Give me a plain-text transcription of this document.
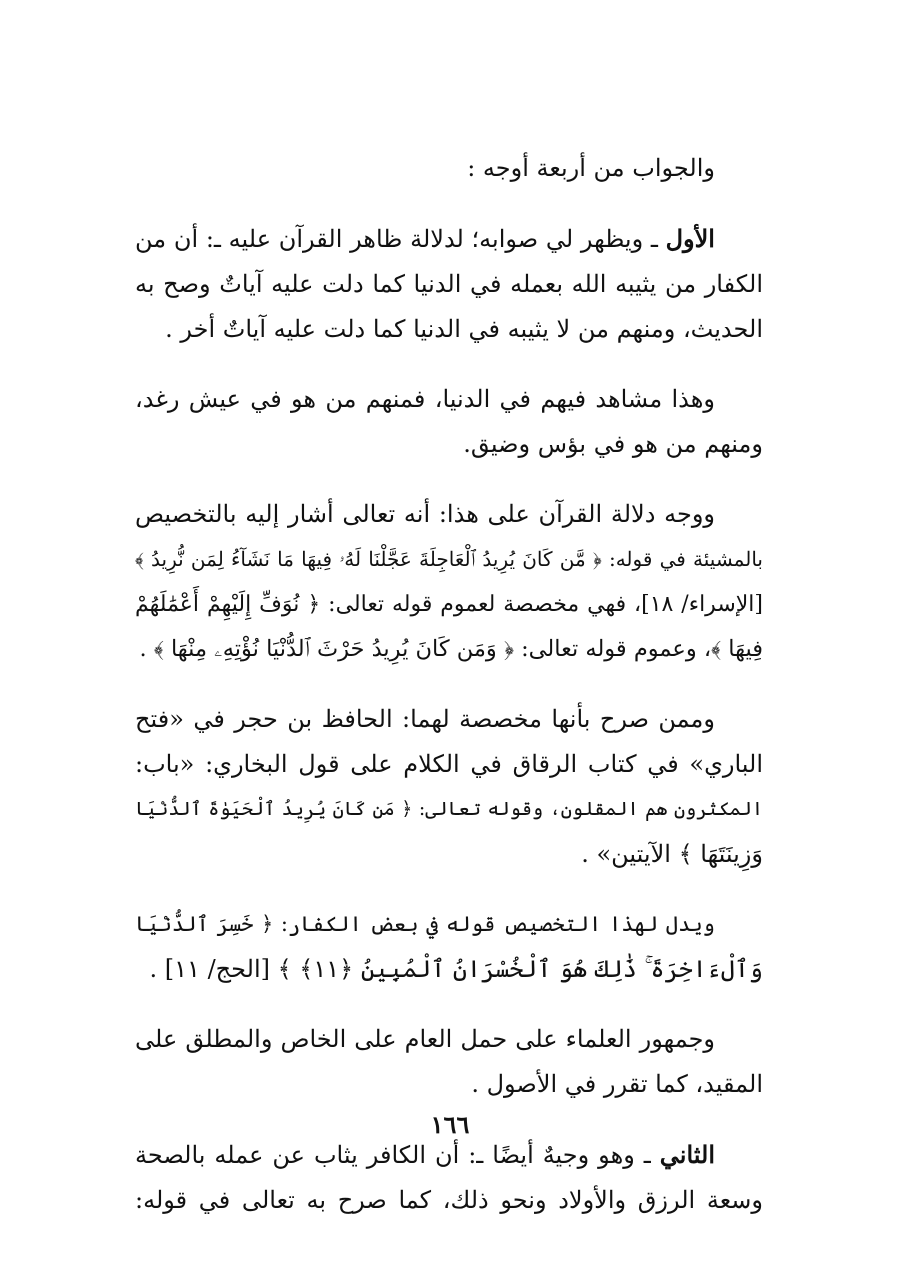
والجواب من أربعة أوجه :
الأول ـ ويظهر لي صوابه؛ لدلالة ظاهر القرآن عليه ـ: أن من
الكفار من يثيبه الله بعمله في الدنيا كما دلت عليه آياتٌ وصح به
الحديث، ومنهم من لا يثيبه في الدنيا كما دلت عليه آياتٌ أخر .
وهذا مشاهد فيهم في الدنيا، فمنهم من هو في عيش رغد،
ومنهم من هو في بؤس وضيق.
ووجه دلالة القرآن على هذا: أنه تعالى أشار إليه بالتخصيص
بالمشيئة في قوله: ﴿ مَّن كَانَ يُرِيدُ ٱلْعَاجِلَةَ عَجَّلْنَا لَهُۥ فِيهَا مَا نَشَآءُ لِمَن نُّرِيدُ ﴾
[الإسراء/ ١٨]، فهي مخصصة لعموم قوله تعالى: ﴿ نُوَفِّ إِلَيْهِمْ أَعْمَٰلَهُمْ
فِيهَا ﴾، وعموم قوله تعالى: ﴿ وَمَن كَانَ يُرِيدُ حَرْثَ ٱلدُّنْيَا نُؤْتِهِۦ مِنْهَا ﴾ .
وممن صرح بأنها مخصصة لهما: الحافظ بن حجر في «فتح
الباري» في كتاب الرقاق في الكلام على قول البخاري: «باب:
المكثرون هم المقلون، وقوله تعالى: ﴿ مَن كَانَ يُرِيدُ ٱلْحَيَوٰةَ ٱلدُّنْيَا
وَزِينَتَهَا ﴾ الآيتين» .
ويدل لهذا التخصيص قوله في بعض الكفار: ﴿ خَسِرَ ٱلدُّنْيَا
وَٱلْءَاخِرَةَ ۚ ذَٰلِكَ هُوَ ٱلْخُسْرَانُ ٱلْمُبِينُ ﴿١١﴾ ﴾ [الحج/ ١١] .
وجمهور العلماء على حمل العام على الخاص والمطلق على
المقيد، كما تقرر في الأصول .
الثاني ـ وهو وجيهٌ أيضًا ـ: أن الكافر يثاب عن عمله بالصحة
وسعة الرزق والأولاد ونحو ذلك، كما صرح به تعالى في قوله:
١٦٦
